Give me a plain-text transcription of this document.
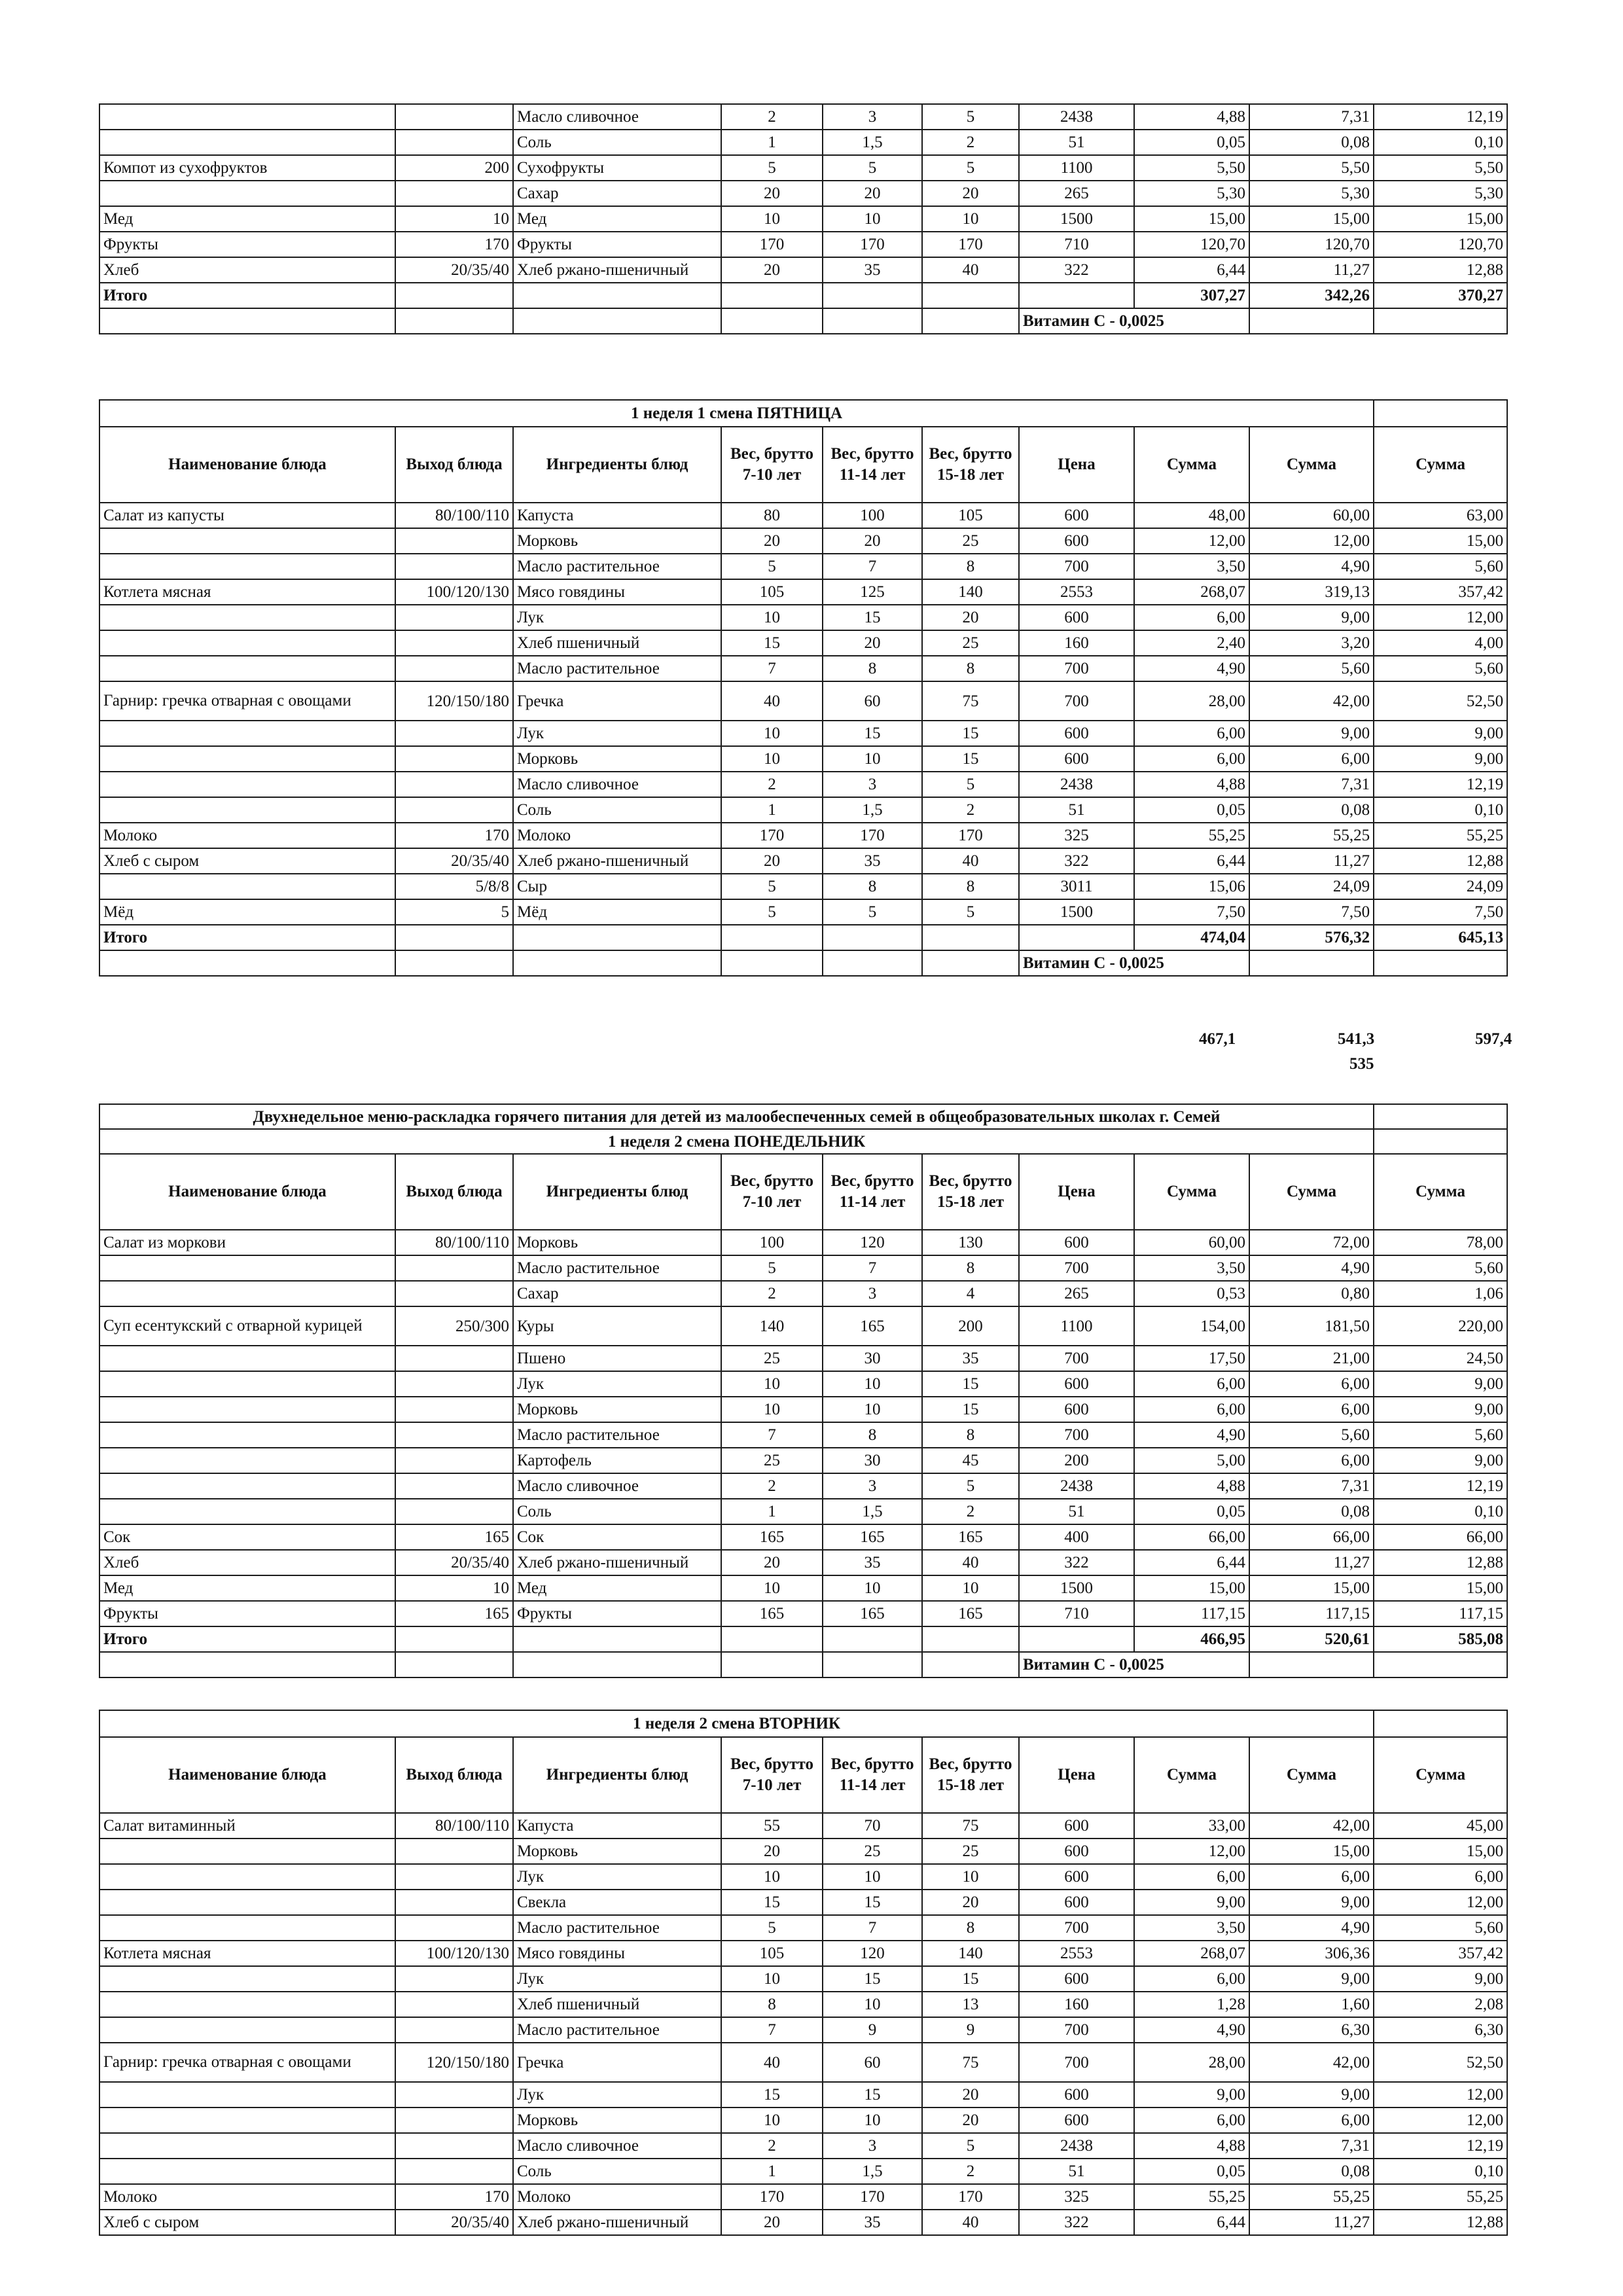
		Масло сливочное	2	3	5	2438	4,88	7,31	12,19
		Соль	1	1,5	2	51	0,05	0,08	0,10
Компот из сухофруктов	200	Сухофрукты	5	5	5	1100	5,50	5,50	5,50
		Сахар	20	20	20	265	5,30	5,30	5,30
Мед	10	Мед	10	10	10	1500	15,00	15,00	15,00
Фрукты	170	Фрукты	170	170	170	710	120,70	120,70	120,70
Хлеб	20/35/40	Хлеб ржано-пшеничный	20	35	40	322	6,44	11,27	12,88
Итого							307,27	342,26	370,27
						Витамин С - 0,0025			
1 неделя 1 смена ПЯТНИЦА									
Наименование блюда	Выход блюда	Ингредиенты блюд	Вес, брутто 7-10 лет	Вес, брутто 11-14 лет	Вес, брутто 15-18 лет	Цена	Сумма	Сумма	Сумма
Салат из капусты	80/100/110	Капуста	80	100	105	600	48,00	60,00	63,00
		Морковь	20	20	25	600	12,00	12,00	15,00
		Масло растительное	5	7	8	700	3,50	4,90	5,60
Котлета мясная	100/120/130	Мясо говядины	105	125	140	2553	268,07	319,13	357,42
		Лук	10	15	20	600	6,00	9,00	12,00
		Хлеб пшеничный	15	20	25	160	2,40	3,20	4,00
		Масло растительное	7	8	8	700	4,90	5,60	5,60
Гарнир: гречка отварная с овощами	120/150/180	Гречка	40	60	75	700	28,00	42,00	52,50
		Лук	10	15	15	600	6,00	9,00	9,00
		Морковь	10	10	15	600	6,00	6,00	9,00
		Масло сливочное	2	3	5	2438	4,88	7,31	12,19
		Соль	1	1,5	2	51	0,05	0,08	0,10
Молоко	170	Молоко	170	170	170	325	55,25	55,25	55,25
Хлеб с сыром	20/35/40	Хлеб ржано-пшеничный	20	35	40	322	6,44	11,27	12,88
	5/8/8	Сыр	5	8	8	3011	15,06	24,09	24,09
Мёд	5	Мёд	5	5	5	1500	7,50	7,50	7,50
Итого							474,04	576,32	645,13
						Витамин С - 0,0025			
Двухнедельное меню-раскладка горячего питания для детей из малообеспеченных семей в общеобразовательных школах г. Семей									
1 неделя 2 смена ПОНЕДЕЛЬНИК									
Наименование блюда	Выход блюда	Ингредиенты блюд	Вес, брутто 7-10 лет	Вес, брутто 11-14 лет	Вес, брутто 15-18 лет	Цена	Сумма	Сумма	Сумма
Салат из моркови	80/100/110	Морковь	100	120	130	600	60,00	72,00	78,00
		Масло растительное	5	7	8	700	3,50	4,90	5,60
		Сахар	2	3	4	265	0,53	0,80	1,06
Суп есентукский с отварной курицей	250/300	Куры	140	165	200	1100	154,00	181,50	220,00
		Пшено	25	30	35	700	17,50	21,00	24,50
		Лук	10	10	15	600	6,00	6,00	9,00
		Морковь	10	10	15	600	6,00	6,00	9,00
		Масло растительное	7	8	8	700	4,90	5,60	5,60
		Картофель	25	30	45	200	5,00	6,00	9,00
		Масло сливочное	2	3	5	2438	4,88	7,31	12,19
		Соль	1	1,5	2	51	0,05	0,08	0,10
Сок	165	Сок	165	165	165	400	66,00	66,00	66,00
Хлеб	20/35/40	Хлеб ржано-пшеничный	20	35	40	322	6,44	11,27	12,88
Мед	10	Мед	10	10	10	1500	15,00	15,00	15,00
Фрукты	165	Фрукты	165	165	165	710	117,15	117,15	117,15
Итого							466,95	520,61	585,08
						Витамин С - 0,0025			
1 неделя 2 смена ВТОРНИК									
Наименование блюда	Выход блюда	Ингредиенты блюд	Вес, брутто 7-10 лет	Вес, брутто 11-14 лет	Вес, брутто 15-18 лет	Цена	Сумма	Сумма	Сумма
Салат витаминный	80/100/110	Капуста	55	70	75	600	33,00	42,00	45,00
		Морковь	20	25	25	600	12,00	15,00	15,00
		Лук	10	10	10	600	6,00	6,00	6,00
		Свекла	15	15	20	600	9,00	9,00	12,00
		Масло растительное	5	7	8	700	3,50	4,90	5,60
Котлета мясная	100/120/130	Мясо говядины	105	120	140	2553	268,07	306,36	357,42
		Лук	10	15	15	600	6,00	9,00	9,00
		Хлеб пшеничный	8	10	13	160	1,28	1,60	2,08
		Масло растительное	7	9	9	700	4,90	6,30	6,30
Гарнир: гречка отварная с овощами	120/150/180	Гречка	40	60	75	700	28,00	42,00	52,50
		Лук	15	15	20	600	9,00	9,00	12,00
		Морковь	10	10	20	600	6,00	6,00	12,00
		Масло сливочное	2	3	5	2438	4,88	7,31	12,19
		Соль	1	1,5	2	51	0,05	0,08	0,10
Молоко	170	Молоко	170	170	170	325	55,25	55,25	55,25
Хлеб с сыром	20/35/40	Хлеб ржано-пшеничный	20	35	40	322	6,44	11,27	12,88
467,1	541,3	597,4
535
